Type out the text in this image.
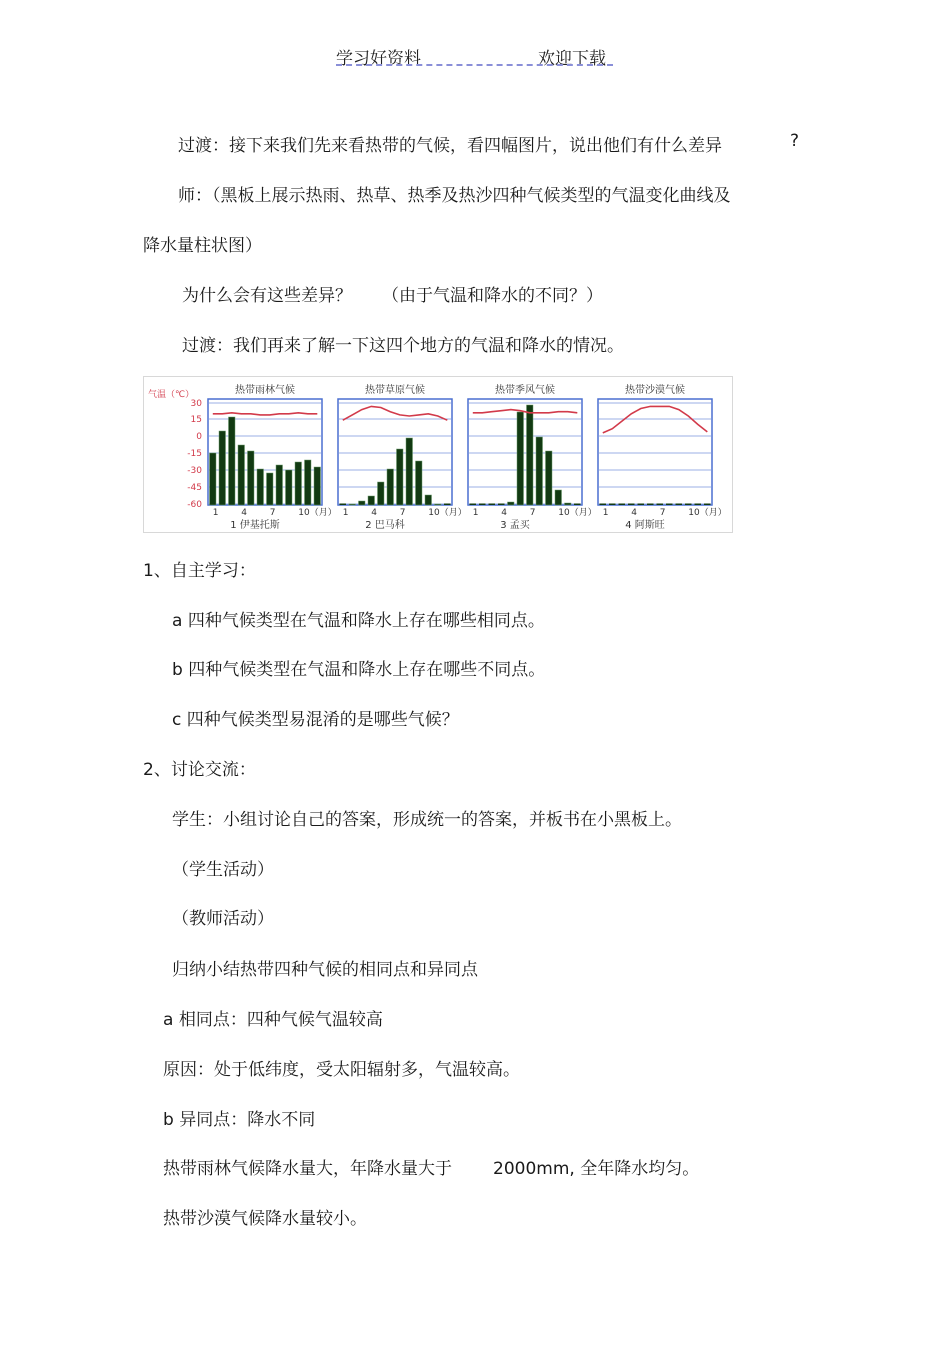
学习好资料	欢迎下载
过渡：接下来我们先来看热带的气候，看四幅图片，说出他们有什么差异	?
师：（黑板上展示热雨、热草、热季及热沙四种气候类型的气温变化曲线及
降水量柱状图）
为什么会有这些差异？ （由于气温和降水的不同？）
过渡：我们再来了解一下这四个地方的气温和降水的情况。
气温（℃）
30
15
0
-15
-30
-45
-60
热带雨林气候
1	4	7	10（月）
1 伊基托斯
热带草原气候
1	4	7	10（月）
2 巴马科
热带季风气候
1	4	7	10（月）
3 孟买
热带沙漠气候
1	4	7	10（月）
4 阿斯旺
1、自主学习：
a 四种气候类型在气温和降水上存在哪些相同点。
b 四种气候类型在气温和降水上存在哪些不同点。
c 四种气候类型易混淆的是哪些气候？
2、讨论交流：
学生：小组讨论自己的答案，形成统一的答案，并板书在小黑板上。
（学生活动）
（教师活动）
归纳小结热带四种气候的相同点和异同点
a 相同点：四种气候气温较高
原因：处于低纬度，受太阳辐射多，气温较高。
b 异同点：降水不同
热带雨林气候降水量大，年降水量大于 2000mm, 全年降水均匀。
热带沙漠气候降水量较小。
